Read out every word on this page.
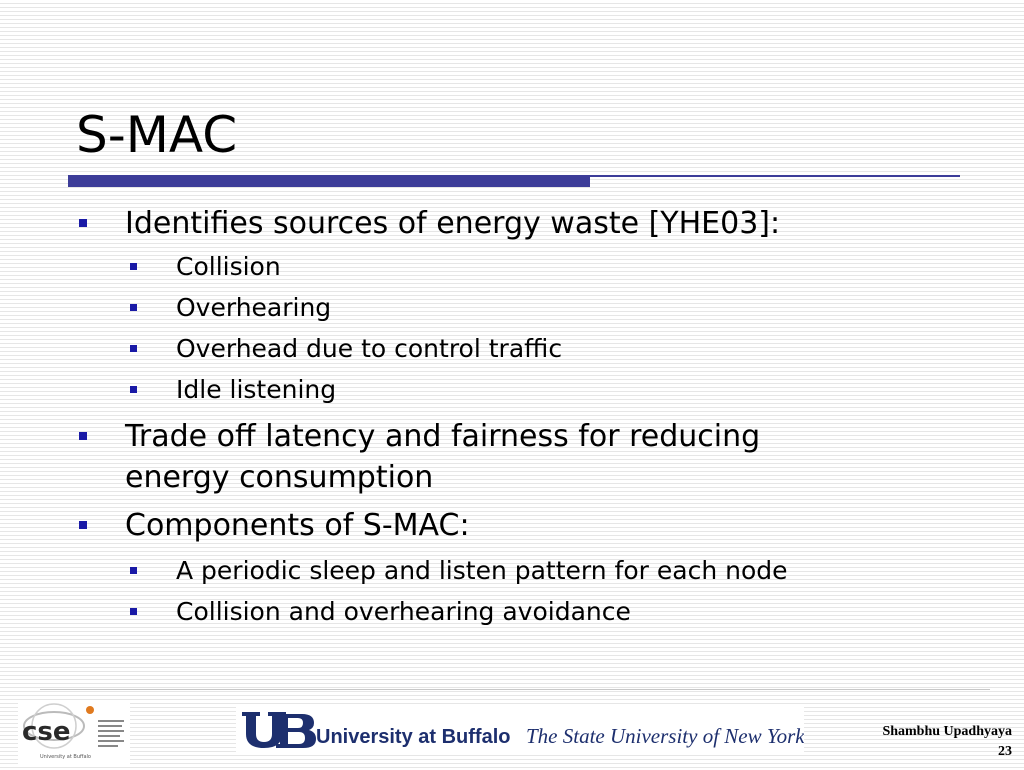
S-MAC
Identifies sources of energy waste [YHE03]:
Collision
Overhearing
Overhead due to control traffic
Idle listening
Trade off latency and fairness for reducing
energy consumption
Components of S-MAC:
A periodic sleep and listen pattern for each node
Collision and overhearing avoidance
cse
University at Buffalo
University at Buffalo The State University of New York	Shambhu Upadhyaya
23
